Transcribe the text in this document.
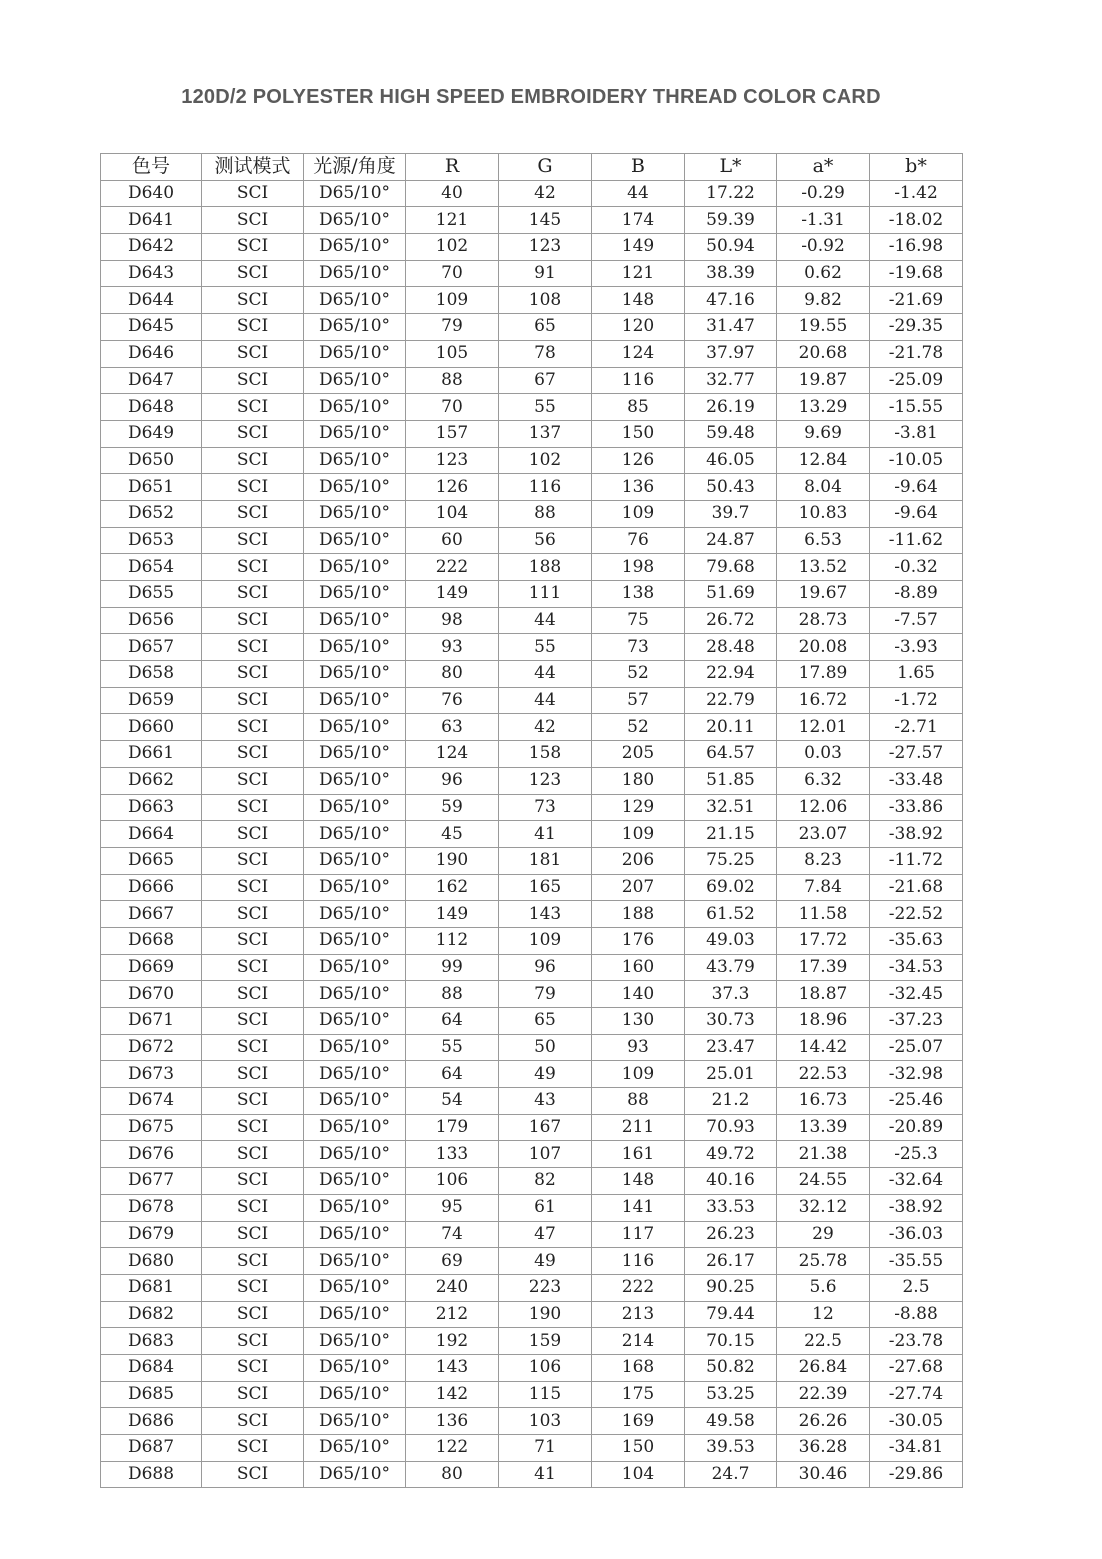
120D/2 POLYESTER HIGH SPEED EMBROIDERY THREAD COLOR CARD
色号	测试模式	光源/角度	R	G	B	L*	a*	b*
D640	SCI	D65/10°	40	42	44	17.22	-0.29	-1.42
D641	SCI	D65/10°	121	145	174	59.39	-1.31	-18.02
D642	SCI	D65/10°	102	123	149	50.94	-0.92	-16.98
D643	SCI	D65/10°	70	91	121	38.39	0.62	-19.68
D644	SCI	D65/10°	109	108	148	47.16	9.82	-21.69
D645	SCI	D65/10°	79	65	120	31.47	19.55	-29.35
D646	SCI	D65/10°	105	78	124	37.97	20.68	-21.78
D647	SCI	D65/10°	88	67	116	32.77	19.87	-25.09
D648	SCI	D65/10°	70	55	85	26.19	13.29	-15.55
D649	SCI	D65/10°	157	137	150	59.48	9.69	-3.81
D650	SCI	D65/10°	123	102	126	46.05	12.84	-10.05
D651	SCI	D65/10°	126	116	136	50.43	8.04	-9.64
D652	SCI	D65/10°	104	88	109	39.7	10.83	-9.64
D653	SCI	D65/10°	60	56	76	24.87	6.53	-11.62
D654	SCI	D65/10°	222	188	198	79.68	13.52	-0.32
D655	SCI	D65/10°	149	111	138	51.69	19.67	-8.89
D656	SCI	D65/10°	98	44	75	26.72	28.73	-7.57
D657	SCI	D65/10°	93	55	73	28.48	20.08	-3.93
D658	SCI	D65/10°	80	44	52	22.94	17.89	1.65
D659	SCI	D65/10°	76	44	57	22.79	16.72	-1.72
D660	SCI	D65/10°	63	42	52	20.11	12.01	-2.71
D661	SCI	D65/10°	124	158	205	64.57	0.03	-27.57
D662	SCI	D65/10°	96	123	180	51.85	6.32	-33.48
D663	SCI	D65/10°	59	73	129	32.51	12.06	-33.86
D664	SCI	D65/10°	45	41	109	21.15	23.07	-38.92
D665	SCI	D65/10°	190	181	206	75.25	8.23	-11.72
D666	SCI	D65/10°	162	165	207	69.02	7.84	-21.68
D667	SCI	D65/10°	149	143	188	61.52	11.58	-22.52
D668	SCI	D65/10°	112	109	176	49.03	17.72	-35.63
D669	SCI	D65/10°	99	96	160	43.79	17.39	-34.53
D670	SCI	D65/10°	88	79	140	37.3	18.87	-32.45
D671	SCI	D65/10°	64	65	130	30.73	18.96	-37.23
D672	SCI	D65/10°	55	50	93	23.47	14.42	-25.07
D673	SCI	D65/10°	64	49	109	25.01	22.53	-32.98
D674	SCI	D65/10°	54	43	88	21.2	16.73	-25.46
D675	SCI	D65/10°	179	167	211	70.93	13.39	-20.89
D676	SCI	D65/10°	133	107	161	49.72	21.38	-25.3
D677	SCI	D65/10°	106	82	148	40.16	24.55	-32.64
D678	SCI	D65/10°	95	61	141	33.53	32.12	-38.92
D679	SCI	D65/10°	74	47	117	26.23	29	-36.03
D680	SCI	D65/10°	69	49	116	26.17	25.78	-35.55
D681	SCI	D65/10°	240	223	222	90.25	5.6	2.5
D682	SCI	D65/10°	212	190	213	79.44	12	-8.88
D683	SCI	D65/10°	192	159	214	70.15	22.5	-23.78
D684	SCI	D65/10°	143	106	168	50.82	26.84	-27.68
D685	SCI	D65/10°	142	115	175	53.25	22.39	-27.74
D686	SCI	D65/10°	136	103	169	49.58	26.26	-30.05
D687	SCI	D65/10°	122	71	150	39.53	36.28	-34.81
D688	SCI	D65/10°	80	41	104	24.7	30.46	-29.86
